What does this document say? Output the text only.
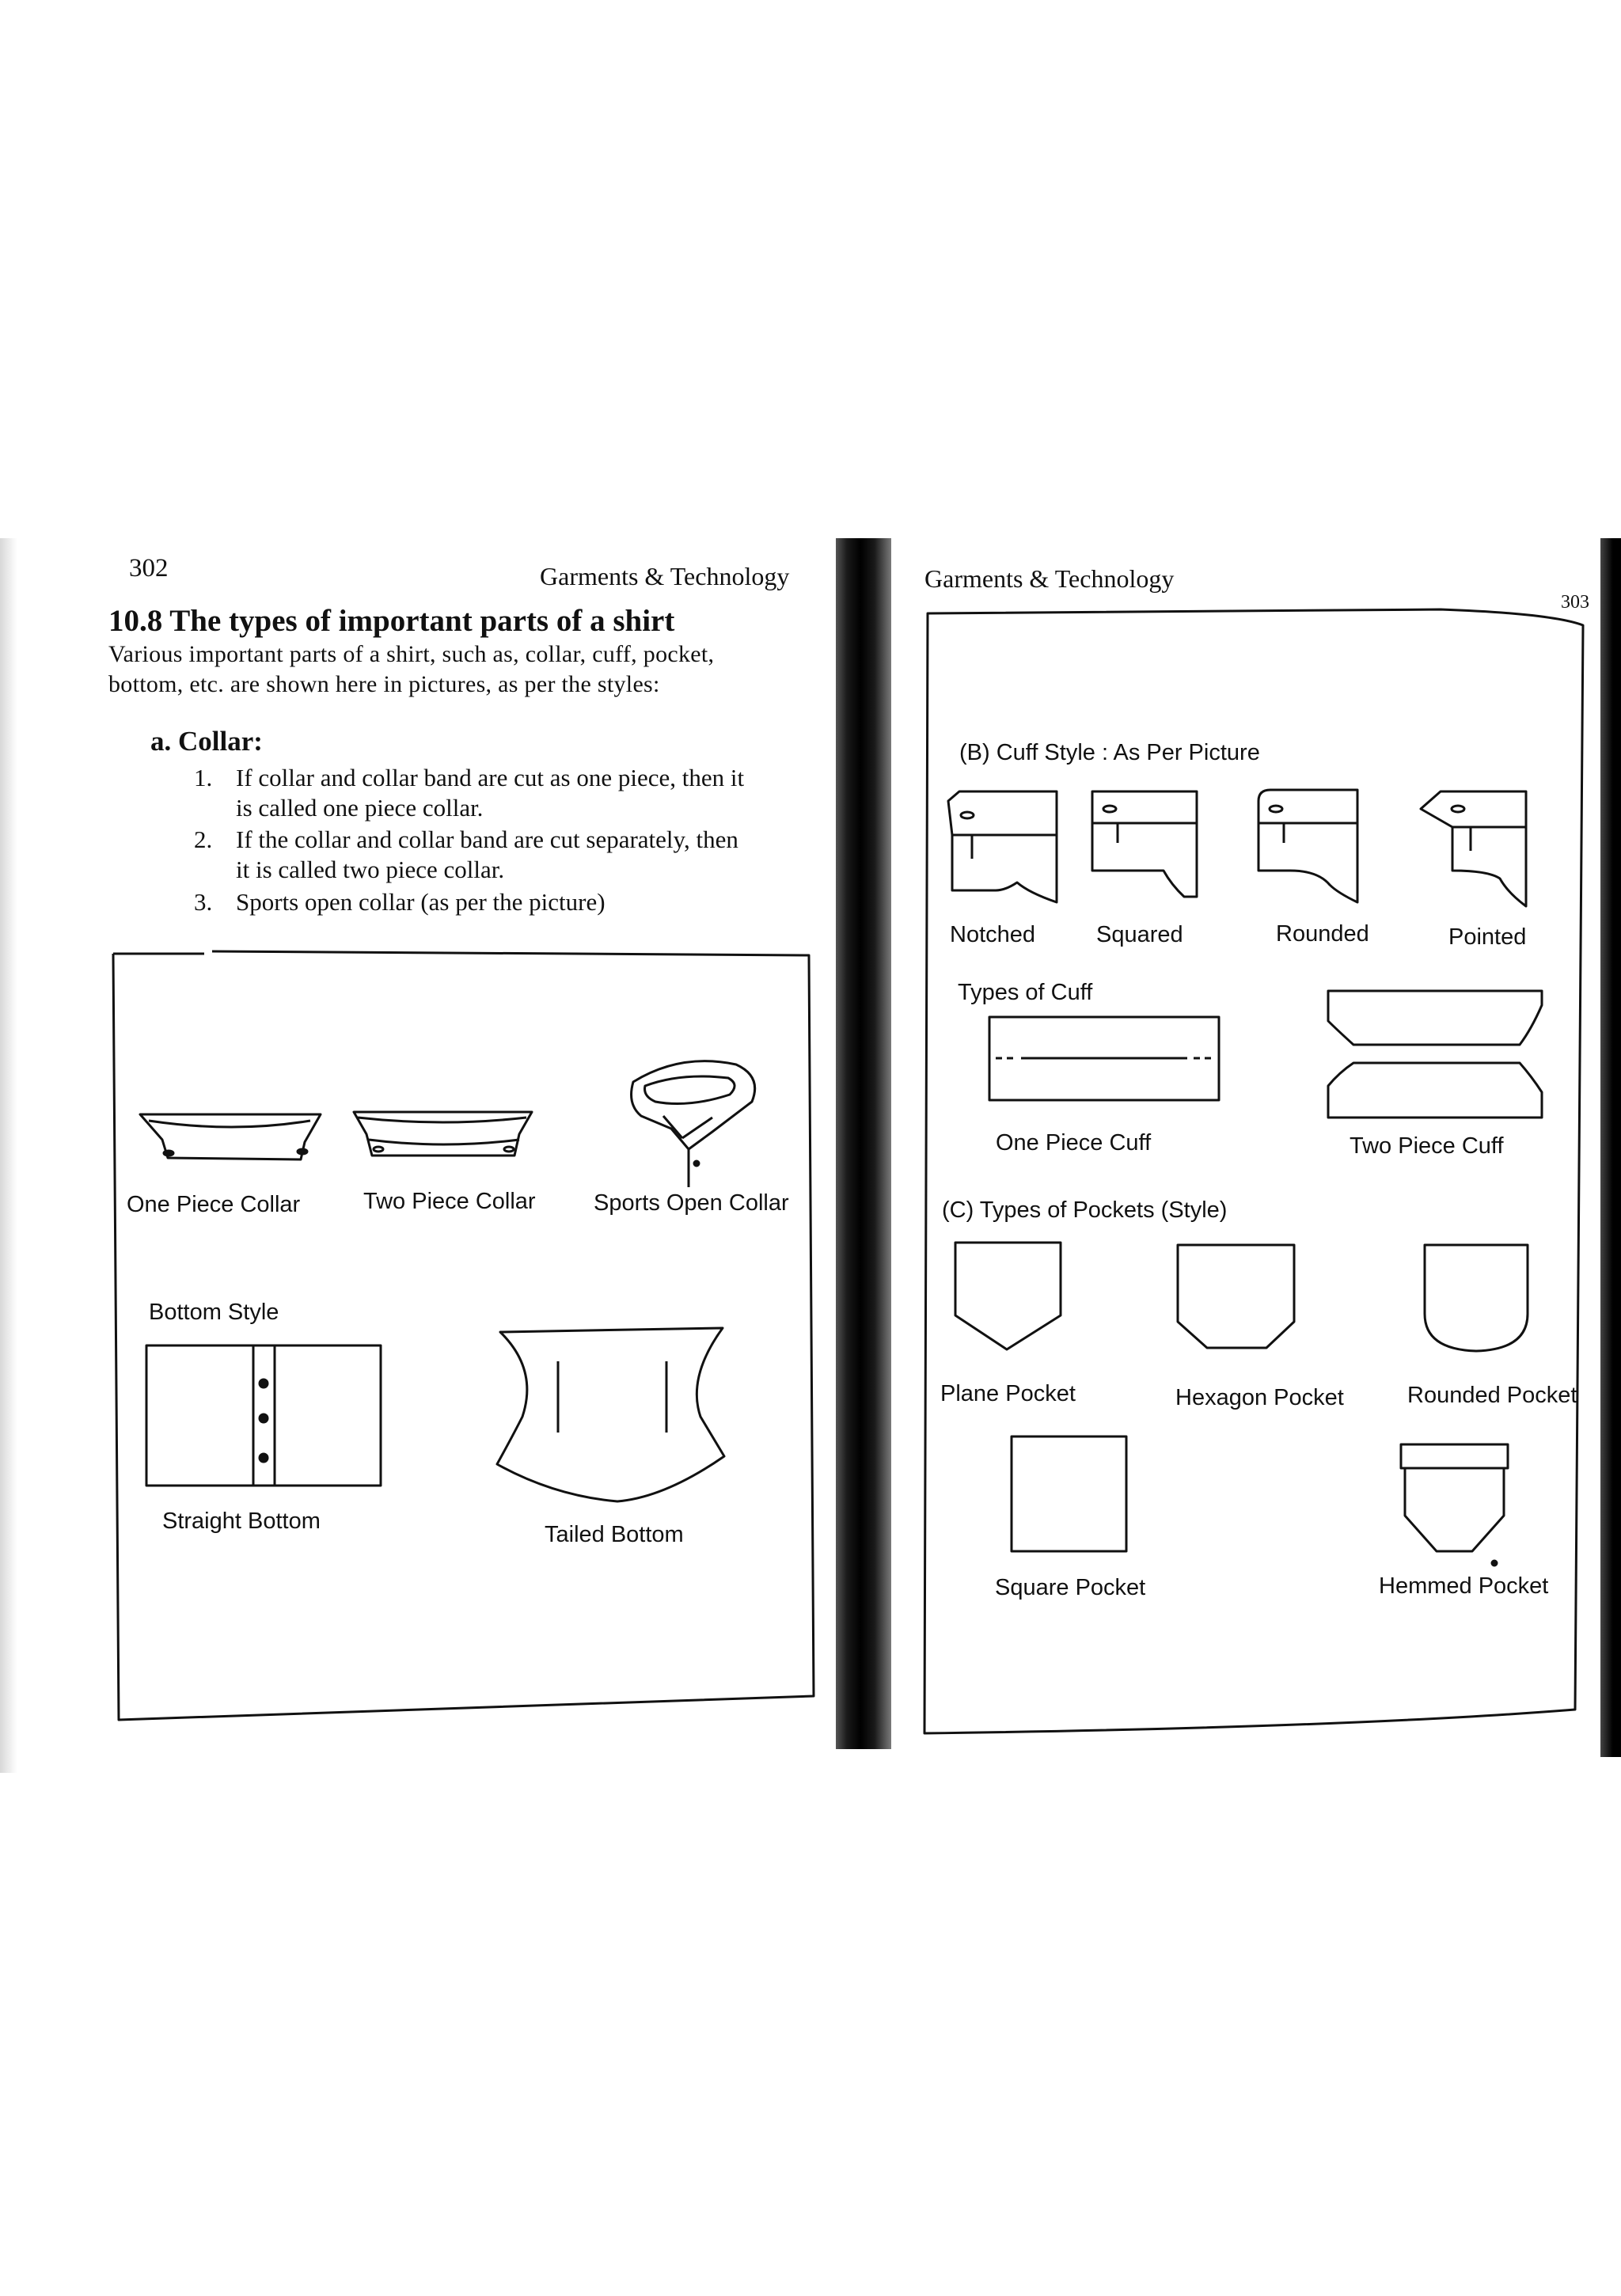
302	Garments & Technology
10.8 The types of important parts of a shirt
Various important parts of a shirt, such as, collar, cuff, pocket,
bottom, etc. are shown here in pictures, as per the styles:
a. Collar:
1. If collar and collar band are cut as one piece, then it
is called one piece collar.
2. If the collar and collar band are cut separately, then
it is called two piece collar.
3. Sports open collar (as per the picture)
One Piece Collar	Two Piece Collar	Sports Open Collar
Bottom Style
Straight Bottom
Tailed Bottom
Garments & Technology
303
(B) Cuff Style : As Per Picture
Notched	Squared	Rounded	Pointed
Types of Cuff
One Piece Cuff	Two Piece Cuff
(C) Types of Pockets (Style)
Plane Pocket	Hexagon Pocket	Rounded Pocket
Square Pocket	Hemmed Pocket
